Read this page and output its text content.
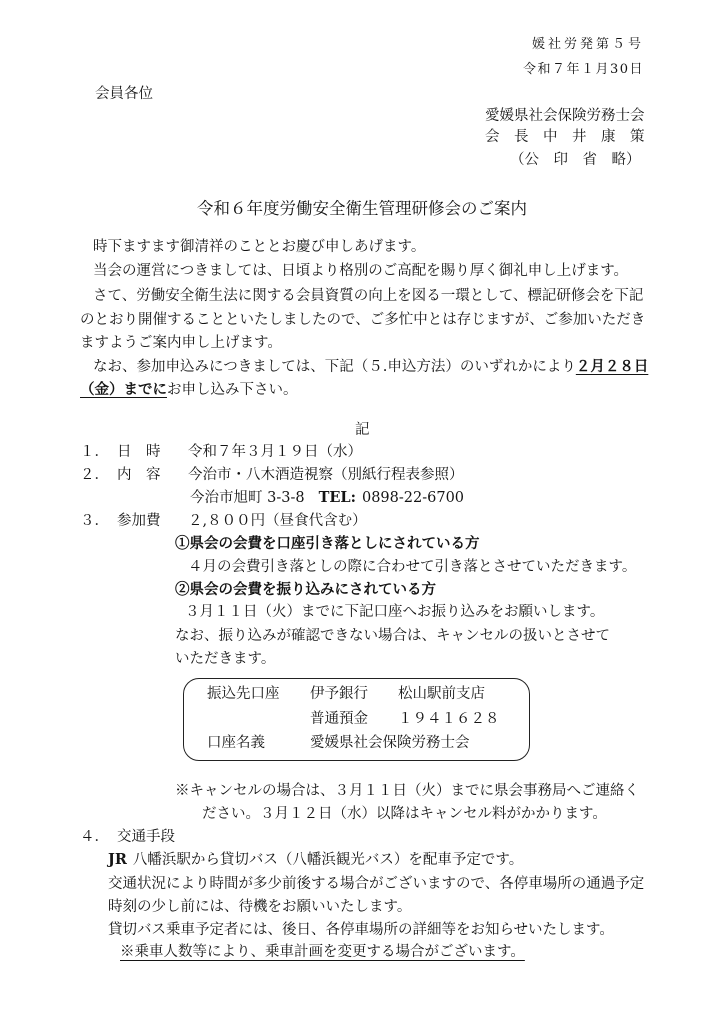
媛社労発第５号
令和７年１月30日
会員各位
愛媛県社会保険労務士会
会　長　中　井　康　策
（公　印　省　略）
令和６年度労働安全衛生管理研修会のご案内
時下ますます御清祥のこととお慶び申しあげます。
当会の運営につきましては、日頃より格別のご高配を賜り厚く御礼申し上げます。
さて、労働安全衛生法に関する会員資質の向上を図る一環として、標記研修会を下記
のとおり開催することといたしましたので、ご多忙中とは存じますが、ご参加いただき
ますようご案内申し上げます。
なお、参加申込みにつきましては、下記（５.申込方法）のいずれかにより２月２８日
（金）までにお申し込み下さい。
記
１． 日　時 令和７年３月１９日（水）
２． 内　容 今治市・八木酒造視察（別紙行程表参照）
今治市旭町 3-3-8 TEL: 0898-22-6700
３． 参加費 ２,８００円（昼食代含む）
①県会の会費を口座引き落としにされている方
４月の会費引き落としの際に合わせて引き落とさせていただきます。
②県会の会費を振り込みにされている方
３月１１日（火）までに下記口座へお振り込みをお願いします。
なお、振り込みが確認できない場合は、キャンセルの扱いとさせて
いただきます。
振込先口座 伊予銀行 松山駅前支店
普通預金 １９４１６２８
口座名義	愛媛県社会保険労務士会
※キャンセルの場合は、３月１１日（火）までに県会事務局へご連絡く
ださい。３月１２日（水）以降はキャンセル料がかかります。
４． 交通手段
JR 八幡浜駅から貸切バス（八幡浜観光バス）を配車予定です。
交通状況により時間が多少前後する場合がございますので、各停車場所の通過予定
時刻の少し前には、待機をお願いいたします。
貸切バス乗車予定者には、後日、各停車場所の詳細等をお知らせいたします。
※乗車人数等により、乗車計画を変更する場合がございます。
